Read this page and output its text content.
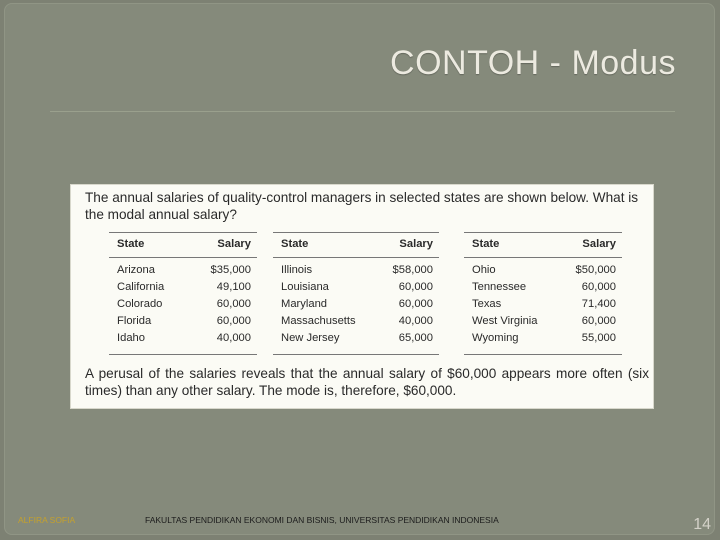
CONTOH - Modus
The annual salaries of quality-control managers in selected states are shown below. What is the modal annual salary?
State	Salary
Arizona	$35,000
California	49,100
Colorado	60,000
Florida	60,000
Idaho	40,000
State	Salary
Illinois	$58,000
Louisiana	60,000
Maryland	60,000
Massachusetts	40,000
New Jersey	65,000
State	Salary
Ohio	$50,000
Tennessee	60,000
Texas	71,400
West Virginia	60,000
Wyoming	55,000
A perusal of the salaries reveals that the annual salary of $60,000 appears more often (six times) than any other salary. The mode is, therefore, $60,000.
ALFIRA SOFIA	FAKULTAS PENDIDIKAN EKONOMI DAN BISNIS, UNIVERSITAS PENDIDIKAN INDONESIA	14
